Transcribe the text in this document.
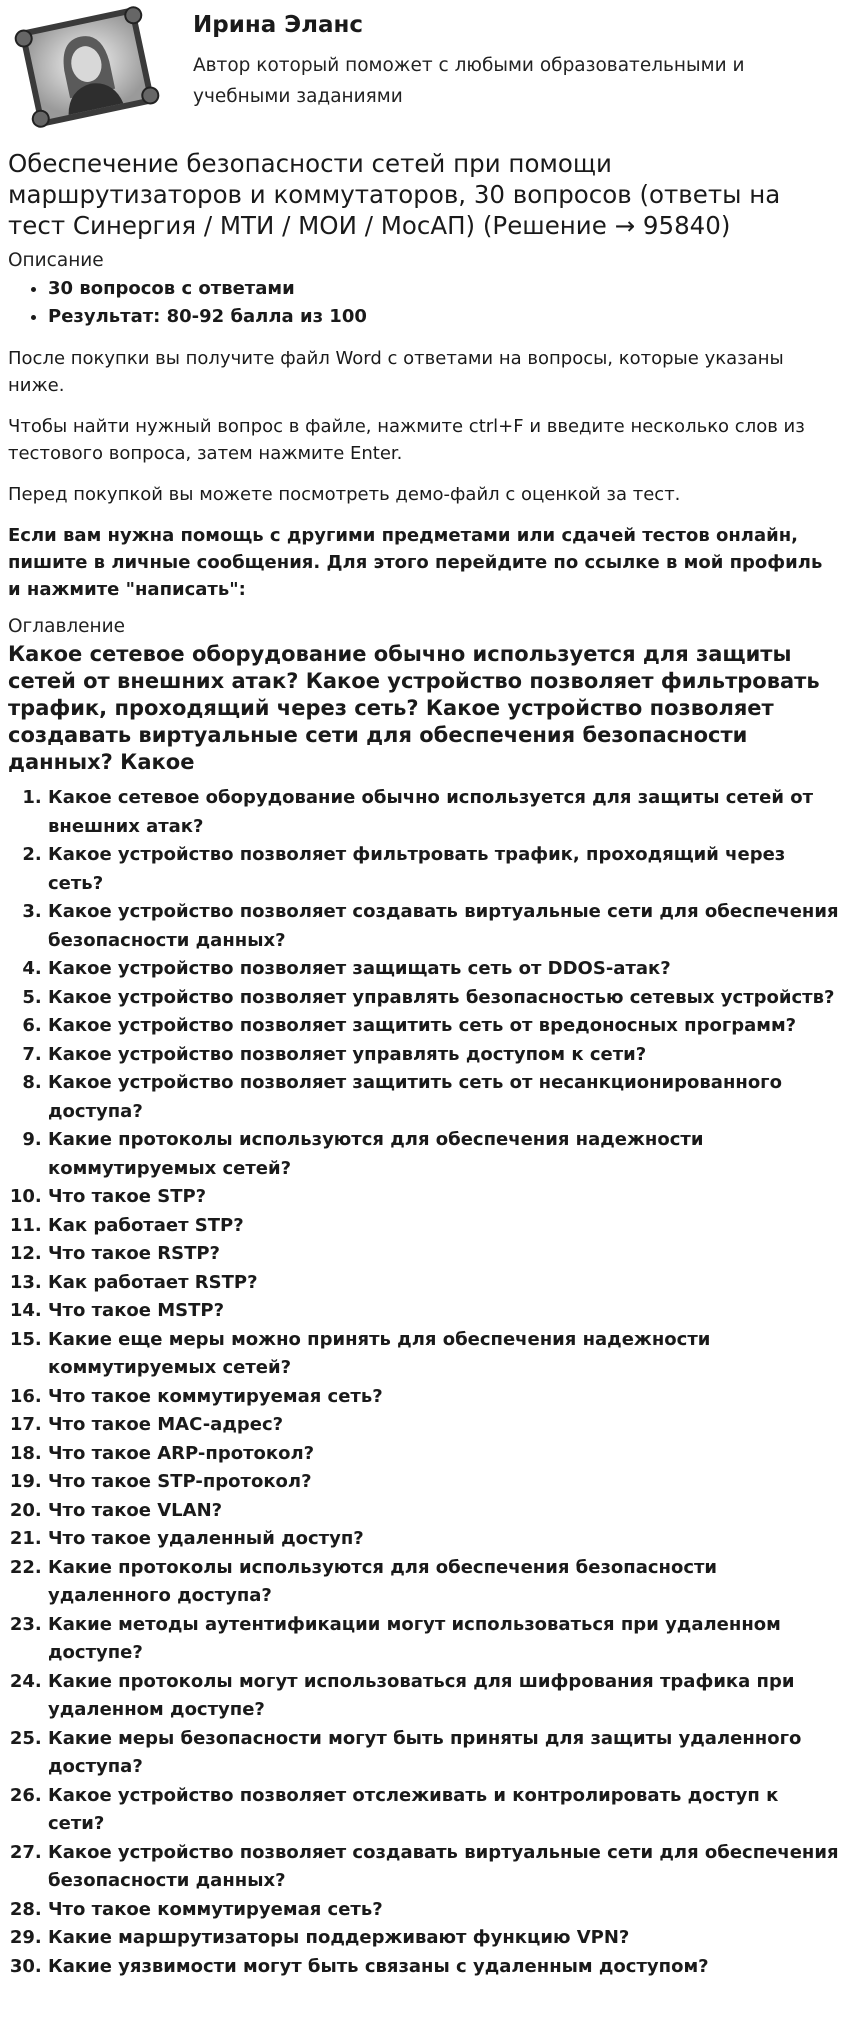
Ирина Эланс

Автор который поможет с любыми образовательными и учебными заданиями

Обеспечение безопасности сетей при помощи маршрутизаторов и коммутаторов, 30 вопросов (ответы на тест Синергия / МТИ / МОИ / МосАП) (Решение → 95840)
Описание
• 30 вопросов с ответами
• Результат: 80-92 балла из 100

После покупки вы получите файл Word с ответами на вопросы, которые указаны ниже.

Чтобы найти нужный вопрос в файле, нажмите ctrl+F и введите несколько слов из тестового вопроса, затем нажмите Enter.

Перед покупкой вы можете посмотреть демо-файл с оценкой за тест.

Если вам нужна помощь с другими предметами или сдачей тестов онлайн, пишите в личные сообщения. Для этого перейдите по ссылке в мой профиль и нажмите "написать":

Оглавление
Какое сетевое оборудование обычно используется для защиты сетей от внешних атак? Какое устройство позволяет фильтровать трафик, проходящий через сеть? Какое устройство позволяет создавать виртуальные сети для обеспечения безопасности данных? Какое
1. Какое сетевое оборудование обычно используется для защиты сетей от внешних атак?
2. Какое устройство позволяет фильтровать трафик, проходящий через сеть?
3. Какое устройство позволяет создавать виртуальные сети для обеспечения безопасности данных?
4. Какое устройство позволяет защищать сеть от DDOS-атак?
5. Какое устройство позволяет управлять безопасностью сетевых устройств?
6. Какое устройство позволяет защитить сеть от вредоносных программ?
7. Какое устройство позволяет управлять доступом к сети?
8. Какое устройство позволяет защитить сеть от несанкционированного доступа?
9. Какие протоколы используются для обеспечения надежности коммутируемых сетей?
10. Что такое STP?
11. Как работает STP?
12. Что такое RSTP?
13. Как работает RSTP?
14. Что такое MSTP?
15. Какие еще меры можно принять для обеспечения надежности коммутируемых сетей?
16. Что такое коммутируемая сеть?
17. Что такое MAC-адрес?
18. Что такое ARP-протокол?
19. Что такое STP-протокол?
20. Что такое VLAN?
21. Что такое удаленный доступ?
22. Какие протоколы используются для обеспечения безопасности удаленного доступа?
23. Какие методы аутентификации могут использоваться при удаленном доступе?
24. Какие протоколы могут использоваться для шифрования трафика при удаленном доступе?
25. Какие меры безопасности могут быть приняты для защиты удаленного доступа?
26. Какое устройство позволяет отслеживать и контролировать доступ к сети?
27. Какое устройство позволяет создавать виртуальные сети для обеспечения безопасности данных?
28. Что такое коммутируемая сеть?
29. Какие маршрутизаторы поддерживают функцию VPN?
30. Какие уязвимости могут быть связаны с удаленным доступом?
